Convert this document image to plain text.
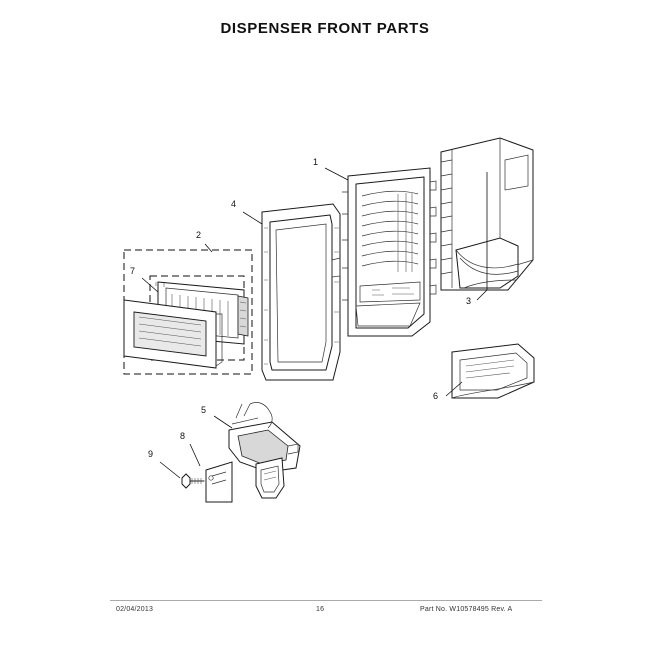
DISPENSER FRONT PARTS
1
2
3
4
5
6
7
8
9
02/04/2013	16	Part No. W10578495 Rev. A
